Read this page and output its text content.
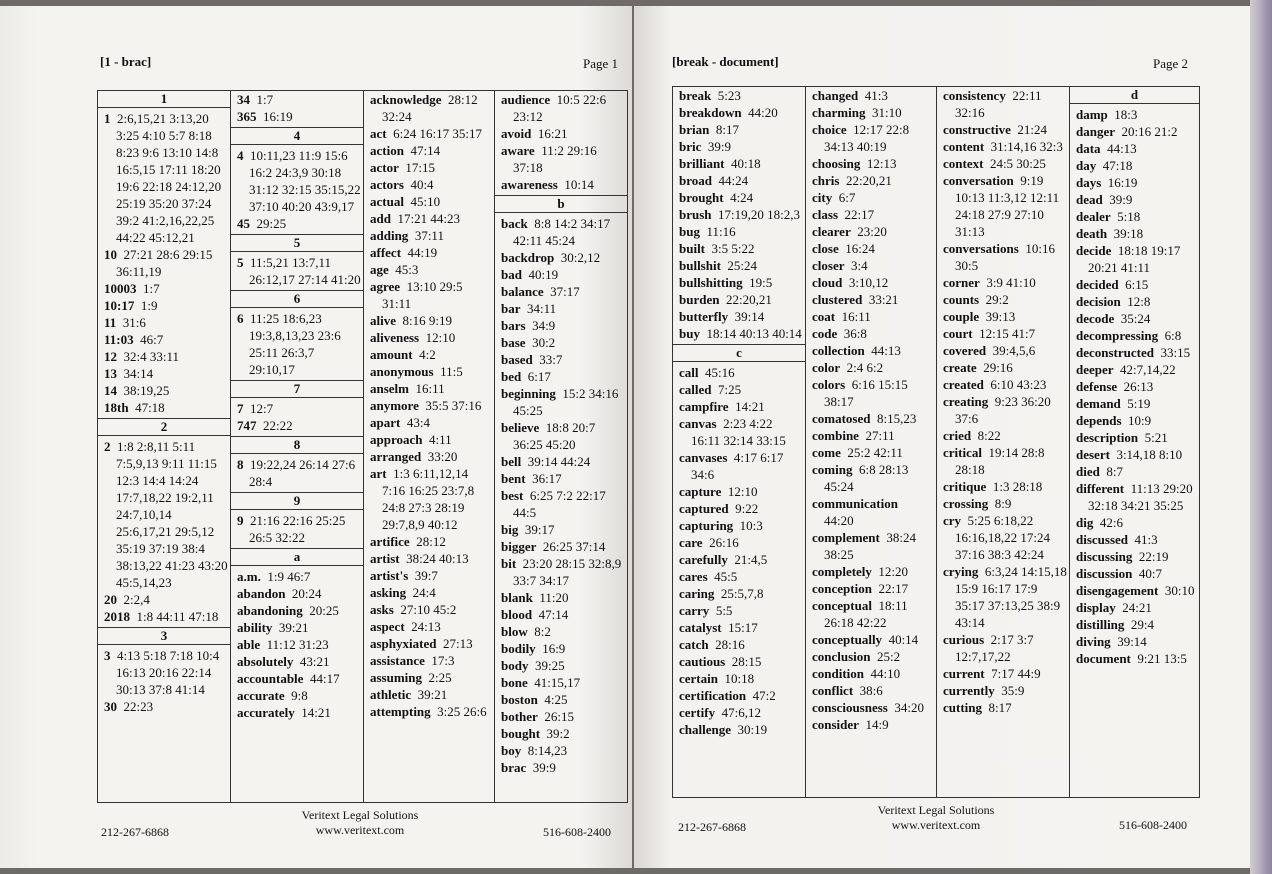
[1 - brac]	Page 1
1
1  2:6,15,21 3:13,20 3:25 4:10 5:7 8:18 8:23 9:6 13:10 14:8 16:5,15 17:11 18:20 19:6 22:18 24:12,20 25:19 35:20 37:24 39:2 41:2,16,22,25 44:22 45:12,21
10  27:21 28:6 29:15 36:11,19
10003  1:7
10:17  1:9
11  31:6
11:03  46:7
12  32:4 33:11
13  34:14
14  38:19,25
18th  47:18
2
2  1:8 2:8,11 5:11 7:5,9,13 9:11 11:15 12:3 14:4 14:24 17:7,18,22 19:2,11 24:7,10,14 25:6,17,21 29:5,12 35:19 37:19 38:4 38:13,22 41:23 43:20 45:5,14,23
20  2:2,4
2018  1:8 44:11 47:18
3
3  4:13 5:18 7:18 10:4 16:13 20:16 22:14 30:13 37:8 41:14
30  22:23
34  1:7
365  16:19
4
4  10:11,23 11:9 15:6 16:2 24:3,9 30:18 31:12 32:15 35:15,22 37:10 40:20 43:9,17
45  29:25
5
5  11:5,21 13:7,11 26:12,17 27:14 41:20
6
6  11:25 18:6,23 19:3,8,13,23 23:6 25:11 26:3,7 29:10,17
7
7  12:7
747  22:22
8
8  19:22,24 26:14 27:6 28:4
9
9  21:16 22:16 25:25 26:5 32:22
a
a.m.  1:9 46:7
abandon  20:24
abandoning  20:25
ability  39:21
able  11:12 31:23
absolutely  43:21
accountable  44:17
accurate  9:8
accurately  14:21
acknowledge  28:12 32:24
act  6:24 16:17 35:17
action  47:14
actor  17:15
actors  40:4
actual  45:10
add  17:21 44:23
adding  37:11
affect  44:19
age  45:3
agree  13:10 29:5 31:11
alive  8:16 9:19
aliveness  12:10
amount  4:2
anonymous  11:5
anselm  16:11
anymore  35:5 37:16
apart  43:4
approach  4:11
arranged  33:20
art  1:3 6:11,12,14 7:16 16:25 23:7,8 24:8 27:3 28:19 29:7,8,9 40:12
artifice  28:12
artist  38:24 40:13
artist's  39:7
asking  24:4
asks  27:10 45:2
aspect  24:13
asphyxiated  27:13
assistance  17:3
assuming  2:25
athletic  39:21
attempting  3:25 26:6
audience  10:5 22:6 23:12
avoid  16:21
aware  11:2 29:16 37:18
awareness  10:14
b
back  8:8 14:2 34:17 42:11 45:24
backdrop  30:2,12
bad  40:19
balance  37:17
bar  34:11
bars  34:9
base  30:2
based  33:7
bed  6:17
beginning  15:2 34:16 45:25
believe  18:8 20:7 36:25 45:20
bell  39:14 44:24
bent  36:17
best  6:25 7:2 22:17 44:5
big  39:17
bigger  26:25 37:14
bit  23:20 28:15 32:8,9 33:7 34:17
blank  11:20
blood  47:14
blow  8:2
bodily  16:9
body  39:25
bone  41:15,17
boston  4:25
bother  26:15
bought  39:2
boy  8:14,23
brac  39:9
212-267-6868
Veritext Legal Solutions
www.veritext.com	516-608-2400
[break - document]	Page 2
break  5:23
breakdown  44:20
brian  8:17
bric  39:9
brilliant  40:18
broad  44:24
brought  4:24
brush  17:19,20 18:2,3
bug  11:16
built  3:5 5:22
bullshit  25:24
bullshitting  19:5
burden  22:20,21
butterfly  39:14
buy  18:14 40:13 40:14
c
call  45:16
called  7:25
campfire  14:21
canvas  2:23 4:22 16:11 32:14 33:15
canvases  4:17 6:17 34:6
capture  12:10
captured  9:22
capturing  10:3
care  26:16
carefully  21:4,5
cares  45:5
caring  25:5,7,8
carry  5:5
catalyst  15:17
catch  28:16
cautious  28:15
certain  10:18
certification  47:2
certify  47:6,12
challenge  30:19
changed  41:3
charming  31:10
choice  12:17 22:8 34:13 40:19
choosing  12:13
chris  22:20,21
city  6:7
class  22:17
clearer  23:20
close  16:24
closer  3:4
cloud  3:10,12
clustered  33:21
coat  16:11
code  36:8
collection  44:13
color  2:4 6:2
colors  6:16 15:15 38:17
comatosed  8:15,23
combine  27:11
come  25:2 42:11
coming  6:8 28:13 45:24
communication 44:20
complement  38:24 38:25
completely  12:20
conception  22:17
conceptual  18:11 26:18 42:22
conceptually  40:14
conclusion  25:2
condition  44:10
conflict  38:6
consciousness  34:20
consider  14:9
consistency  22:11 32:16
constructive  21:24
content  31:14,16 32:3
context  24:5 30:25
conversation  9:19 10:13 11:3,12 12:11 24:18 27:9 27:10 31:13
conversations  10:16 30:5
corner  3:9 41:10
counts  29:2
couple  39:13
court  12:15 41:7
covered  39:4,5,6
create  29:16
created  6:10 43:23
creating  9:23 36:20 37:6
cried  8:22
critical  19:14 28:8 28:18
critique  1:3 28:18
crossing  8:9
cry  5:25 6:18,22 16:16,18,22 17:24 37:16 38:3 42:24
crying  6:3,24 14:15,18 15:9 16:17 17:9 35:17 37:13,25 38:9 43:14
curious  2:17 3:7 12:7,17,22
current  7:17 44:9
currently  35:9
cutting  8:17
d
damp  18:3
danger  20:16 21:2
data  44:13
day  47:18
days  16:19
dead  39:9
dealer  5:18
death  39:18
decide  18:18 19:17 20:21 41:11
decided  6:15
decision  12:8
decode  35:24
decompressing  6:8
deconstructed  33:15
deeper  42:7,14,22
defense  26:13
demand  5:19
depends  10:9
description  5:21
desert  3:14,18 8:10
died  8:7
different  11:13 29:20 32:18 34:21 35:25
dig  42:6
discussed  41:3
discussing  22:19
discussion  40:7
disengagement  30:10
display  24:21
distilling  29:4
diving  39:14
document  9:21 13:5
212-267-6868
Veritext Legal Solutions
www.veritext.com	516-608-2400
